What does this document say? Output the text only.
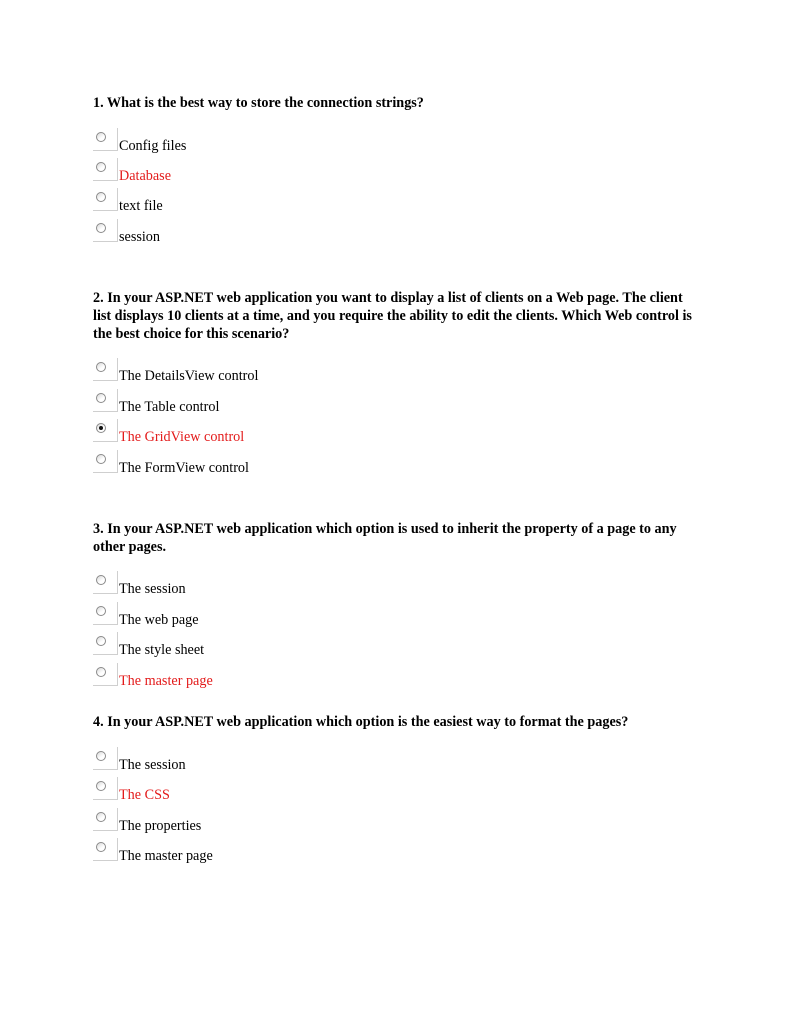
1. What is the best way to store the connection strings?

Config files
Database
text file
session

2. In your ASP.NET web application you want to display a list of clients on a Web page. The client list displays 10 clients at a time, and you require the ability to edit the clients. Which Web control is the best choice for this scenario?

The DetailsView control
The Table control
The GridView control
The FormView control

3. In your ASP.NET web application which option is used to inherit the property of a page to any other pages.

The session
The web page
The style sheet
The master page

4. In your ASP.NET web application which option is the easiest way to format the pages?

The session
The CSS
The properties
The master page
